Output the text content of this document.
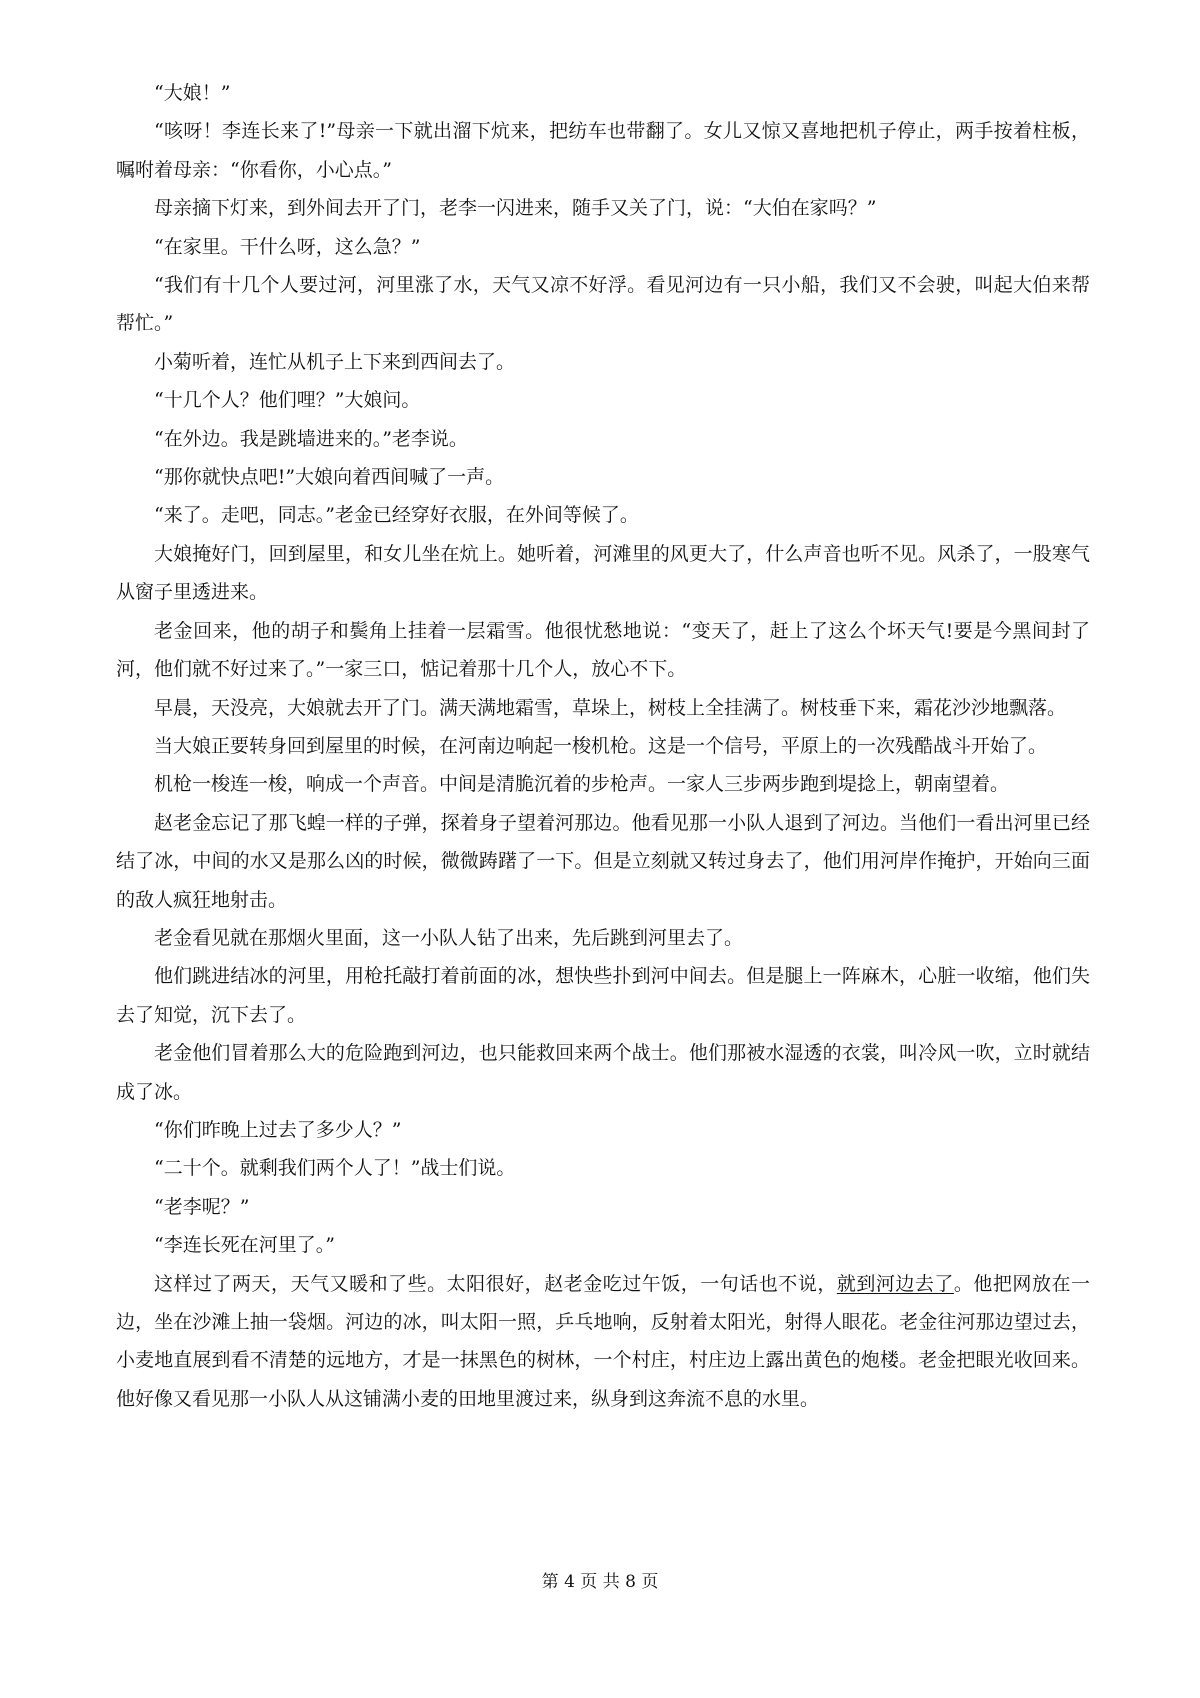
“大娘！”

“咳呀！李连长来了!”母亲一下就出溜下炕来，把纺车也带翻了。女儿又惊又喜地把机子停止，两手按着柱板，嘱咐着母亲：“你看你，小心点。”

母亲摘下灯来，到外间去开了门，老李一闪进来，随手又关了门，说：“大伯在家吗？”

“在家里。干什么呀，这么急？”

“我们有十几个人要过河，河里涨了水，天气又凉不好浮。看见河边有一只小船，我们又不会驶，叫起大伯来帮帮忙。”

小菊听着，连忙从机子上下来到西间去了。

“十几个人？他们哩？”大娘问。

“在外边。我是跳墙进来的。”老李说。

“那你就快点吧!”大娘向着西间喊了一声。

“来了。走吧，同志。”老金已经穿好衣服，在外间等候了。

大娘掩好门，回到屋里，和女儿坐在炕上。她听着，河滩里的风更大了，什么声音也听不见。风杀了，一股寒气从窗子里透进来。

老金回来，他的胡子和鬓角上挂着一层霜雪。他很忧愁地说：“变天了，赶上了这么个坏天气!要是今黑间封了河，他们就不好过来了。”一家三口，惦记着那十几个人，放心不下。

早晨，天没亮，大娘就去开了门。满天满地霜雪，草垛上，树枝上全挂满了。树枝垂下来，霜花沙沙地飘落。

当大娘正要转身回到屋里的时候，在河南边响起一梭机枪。这是一个信号，平原上的一次残酷战斗开始了。

机枪一梭连一梭，响成一个声音。中间是清脆沉着的步枪声。一家人三步两步跑到堤捻上，朝南望着。

赵老金忘记了那飞蝗一样的子弹，探着身子望着河那边。他看见那一小队人退到了河边。当他们一看出河里已经结了冰，中间的水又是那么凶的时候，微微踌躇了一下。但是立刻就又转过身去了，他们用河岸作掩护，开始向三面的敌人疯狂地射击。

老金看见就在那烟火里面，这一小队人钻了出来，先后跳到河里去了。

他们跳进结冰的河里，用枪托敲打着前面的冰，想快些扑到河中间去。但是腿上一阵麻木，心脏一收缩，他们失去了知觉，沉下去了。

老金他们冒着那么大的危险跑到河边，也只能救回来两个战士。他们那被水湿透的衣裳，叫冷风一吹，立时就结成了冰。

“你们昨晚上过去了多少人？”

“二十个。就剩我们两个人了！”战士们说。

“老李呢？”

“李连长死在河里了。”

这样过了两天，天气又暖和了些。太阳很好，赵老金吃过午饭，一句话也不说，就到河边去了。他把网放在一边，坐在沙滩上抽一袋烟。河边的冰，叫太阳一照，乒乓地响，反射着太阳光，射得人眼花。老金往河那边望过去，小麦地直展到看不清楚的远地方，才是一抹黑色的树林，一个村庄，村庄边上露出黄色的炮楼。老金把眼光收回来。他好像又看见那一小队人从这铺满小麦的田地里渡过来，纵身到这奔流不息的水里。

第 4 页 共 8 页
